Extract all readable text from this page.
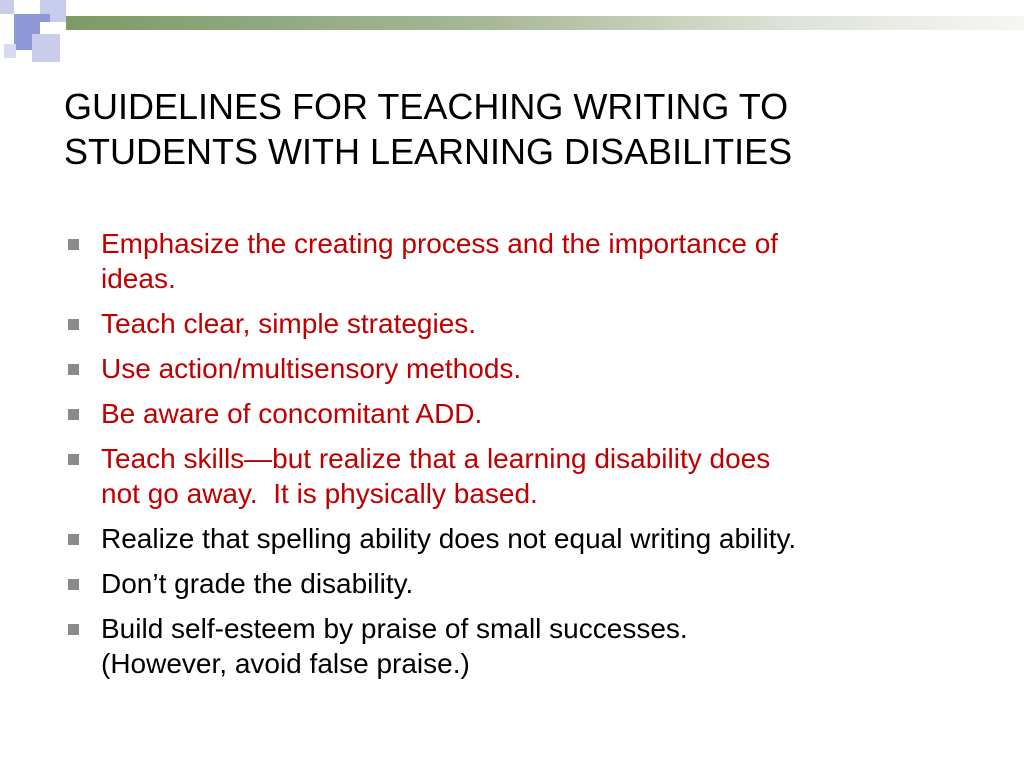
GUIDELINES FOR TEACHING WRITING TO
STUDENTS WITH LEARNING DISABILITIES
Emphasize the creating process and the importance of
ideas.
Teach clear, simple strategies.
Use action/multisensory methods.
Be aware of concomitant ADD.
Teach skills—but realize that a learning disability does
not go away.  It is physically based.
Realize that spelling ability does not equal writing ability.
Don’t grade the disability.
Build self-esteem by praise of small successes.
(However, avoid false praise.)
